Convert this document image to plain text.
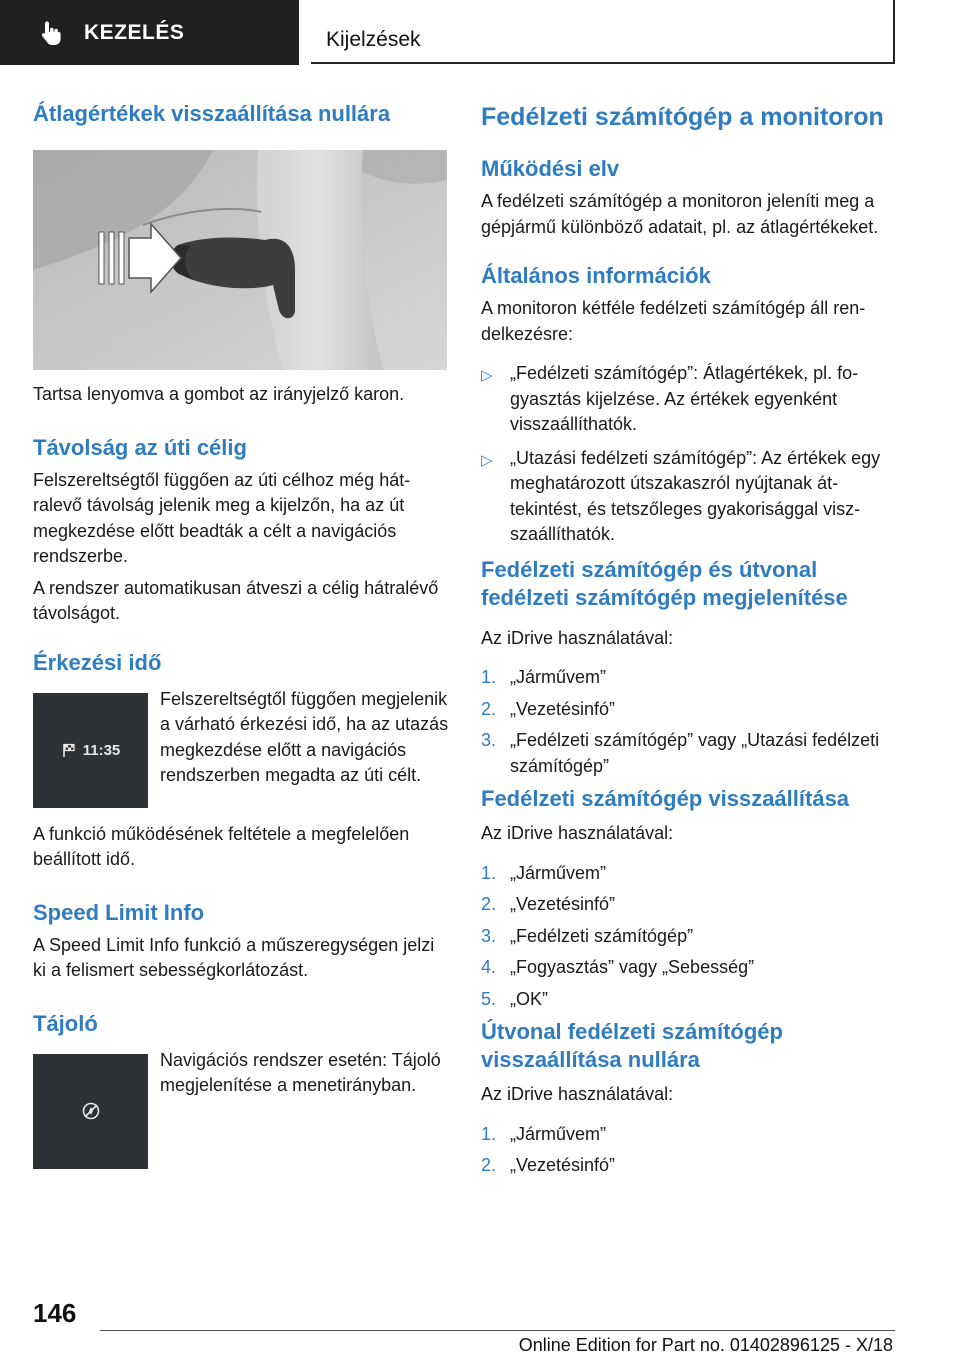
KEZELÉS	Kijelzések
Átlagértékek visszaállítása nullára

Tartsa lenyomva a gombot az irányjelző karon.

Távolság az úti célig

Felszereltségtől függően az úti célhoz még hátralevő távolság jelenik meg a kijelzőn, ha az út megkezdése előtt beadták a célt a navigációs rendszerbe.

A rendszer automatikusan átveszi a célig hátralévő távolságot.

Érkezési idő
11:35

Felszereltségtől függően megjelenik a várható érkezési idő, ha az utazás megkezdése előtt a navigációs rendszerben megadta az úti célt.

A funkció működésének feltétele a megfelelően beállított idő.

Speed Limit Info

A Speed Limit Info funkció a műszeregységen jelzi ki a felismert sebességkorlátozást.

Tájoló

Navigációs rendszer esetén: Tájoló megjelenítése a menetirányban.

Fedélzeti számítógép a monitoron
Működési elv

A fedélzeti számítógép a monitoron jeleníti meg a gépjármű különböző adatait, pl. az átlagértékeket.

Általános információk

A monitoron kétféle fedélzeti számítógép áll rendelkezésre:

▷ „Fedélzeti számítógép”: Átlagértékek, pl. fogyasztás kijelzése. Az értékek egyenként visszaállíthatók.
▷ „Utazási fedélzeti számítógép”: Az értékek egy meghatározott útszakaszról nyújtanak áttekintést, és tetszőleges gyakorisággal viszszaállíthatók.
Fedélzeti számítógép és útvonal fedélzeti számítógép megjelenítése

Az iDrive használatával:

1. „Járművem”
2. „Vezetésinfó”
3. „Fedélzeti számítógép” vagy „Utazási fedélzeti számítógép”
Fedélzeti számítógép visszaállítása

Az iDrive használatával:

1. „Járművem”
2. „Vezetésinfó”
3. „Fedélzeti számítógép”
4. „Fogyasztás” vagy „Sebesség”
5. „OK”
Útvonal fedélzeti számítógép visszaállítása nullára

Az iDrive használatával:

1. „Járművem”
2. „Vezetésinfó”
146
Online Edition for Part no. 01402896125 - X/18
